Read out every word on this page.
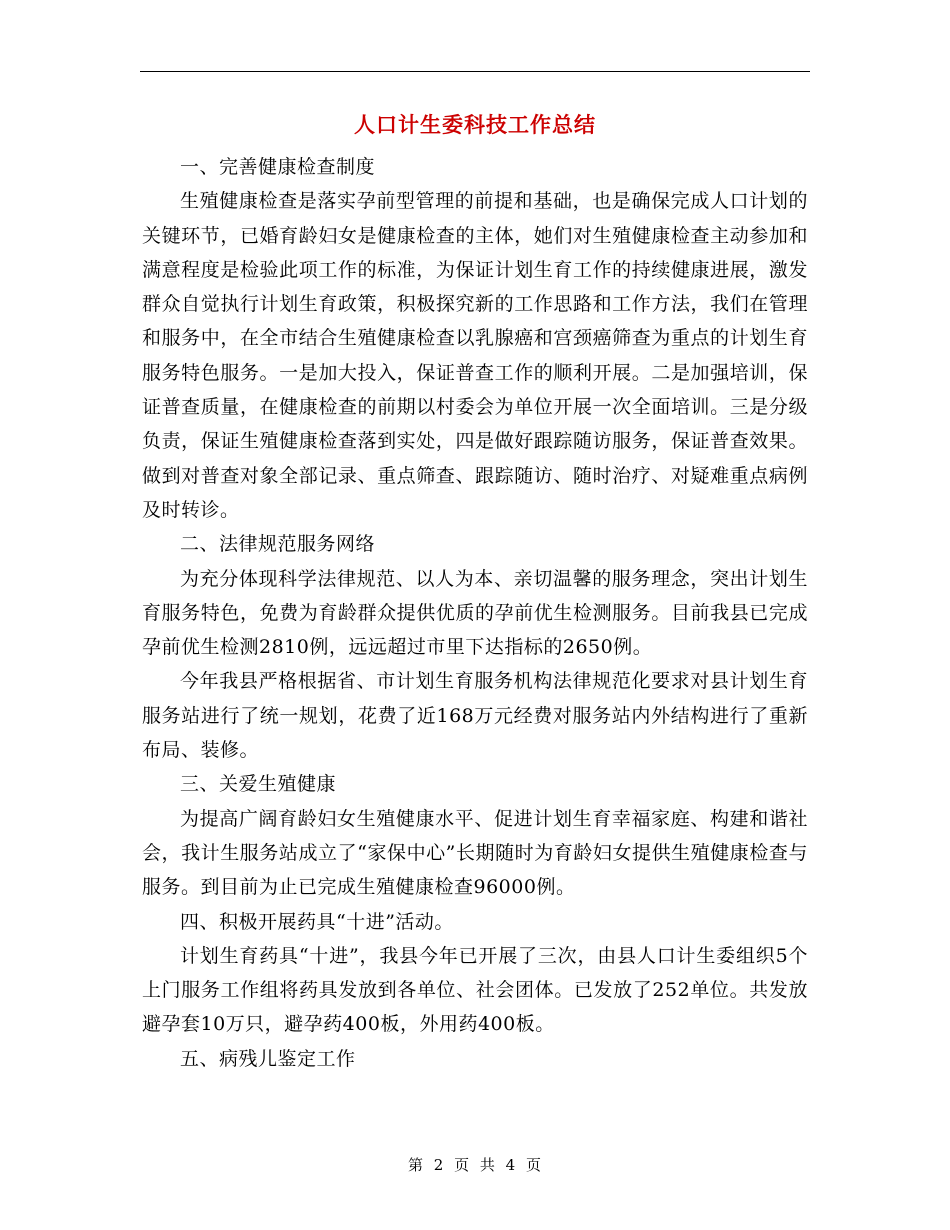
人口计生委科技工作总结

一、完善健康检查制度

生殖健康检查是落实孕前型管理的前提和基础，也是确保完成人口计划的关键环节，已婚育龄妇女是健康检查的主体，她们对生殖健康检查主动参加和满意程度是检验此项工作的标准，为保证计划生育工作的持续健康进展，激发群众自觉执行计划生育政策，积极探究新的工作思路和工作方法，我们在管理和服务中，在全市结合生殖健康检查以乳腺癌和宫颈癌筛查为重点的计划生育服务特色服务。一是加大投入，保证普查工作的顺利开展。二是加强培训，保证普查质量，在健康检查的前期以村委会为单位开展一次全面培训。三是分级负责，保证生殖健康检查落到实处，四是做好跟踪随访服务，保证普查效果。做到对普查对象全部记录、重点筛查、跟踪随访、随时治疗、对疑难重点病例及时转诊。

二、法律规范服务网络

为充分体现科学法律规范、以人为本、亲切温馨的服务理念，突出计划生育服务特色，免费为育龄群众提供优质的孕前优生检测服务。目前我县已完成孕前优生检测2810例，远远超过市里下达指标的2650例。

今年我县严格根据省、市计划生育服务机构法律规范化要求对县计划生育服务站进行了统一规划，花费了近168万元经费对服务站内外结构进行了重新布局、装修。

三、关爱生殖健康

为提高广阔育龄妇女生殖健康水平、促进计划生育幸福家庭、构建和谐社会，我计生服务站成立了“家保中心”长期随时为育龄妇女提供生殖健康检查与服务。到目前为止已完成生殖健康检查96000例。

四、积极开展药具“十进”活动。

计划生育药具“十进”，我县今年已开展了三次，由县人口计生委组织5个上门服务工作组将药具发放到各单位、社会团体。已发放了252单位。共发放避孕套10万只，避孕药400板，外用药400板。

五、病残儿鉴定工作

第 2 页 共 4 页
